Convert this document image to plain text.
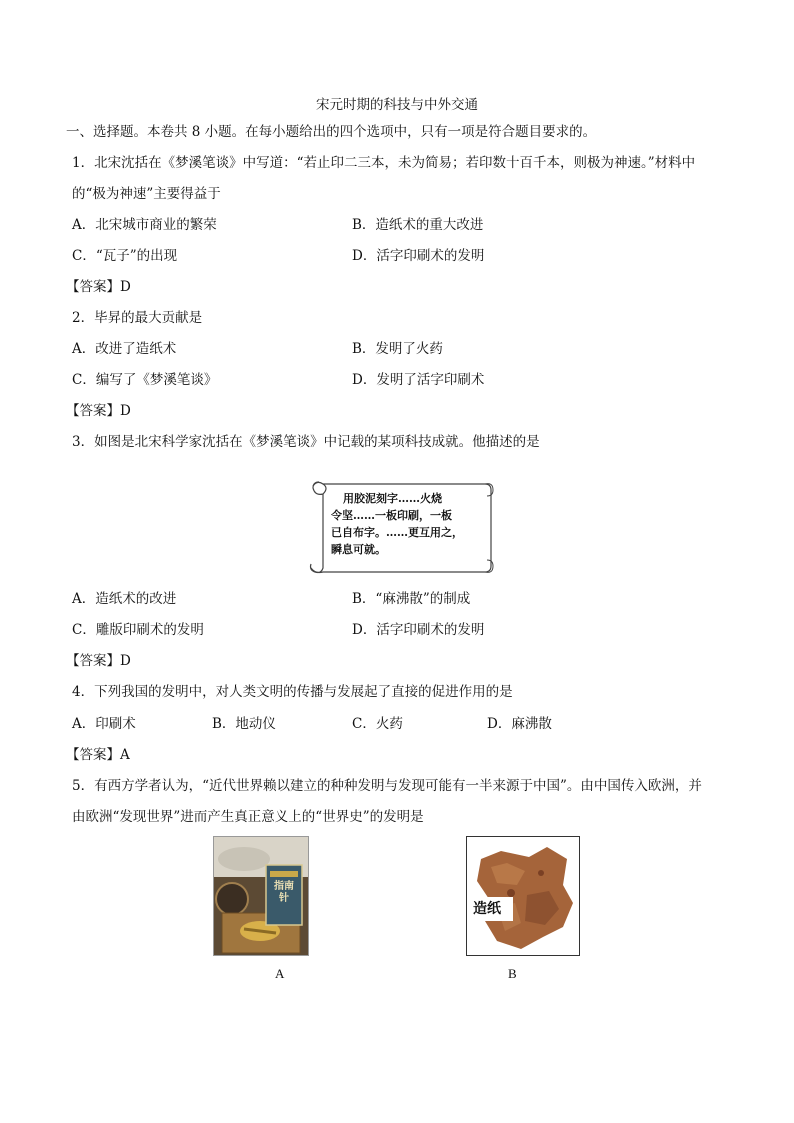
宋元时期的科技与中外交通
一、选择题。本卷共 8 小题。在每小题给出的四个选项中，只有一项是符合题目要求的。
1．北宋沈括在《梦溪笔谈》中写道：“若止印二三本，未为简易；若印数十百千本，则极为神速。”材料中
的“极为神速”主要得益于
A．北宋城市商业的繁荣	B．造纸术的重大改进
C．“瓦子”的出现	D．活字印刷术的发明
【答案】D
2．毕昇的最大贡献是
A．改进了造纸术	B．发明了火药
C．编写了《梦溪笔谈》	D．发明了活字印刷术
【答案】D
3．如图是北宋科学家沈括在《梦溪笔谈》中记载的某项科技成就。他描述的是
用胶泥刻字……火烧
令坚……一板印刷，一板
已自布字。……更互用之，
瞬息可就。
A．造纸术的改进	B．“麻沸散”的制成
C．雕版印刷术的发明	D．活字印刷术的发明
【答案】D
4．下列我国的发明中，对人类文明的传播与发展起了直接的促进作用的是
A．印刷术	B．地动仪	C．火药	D．麻沸散
【答案】A
5．有西方学者认为，“近代世界赖以建立的种种发明与发现可能有一半来源于中国”。由中国传入欧洲，并
由欧洲“发现世界”进而产生真正意义上的“世界史”的发明是
指南针
造纸
A	B
